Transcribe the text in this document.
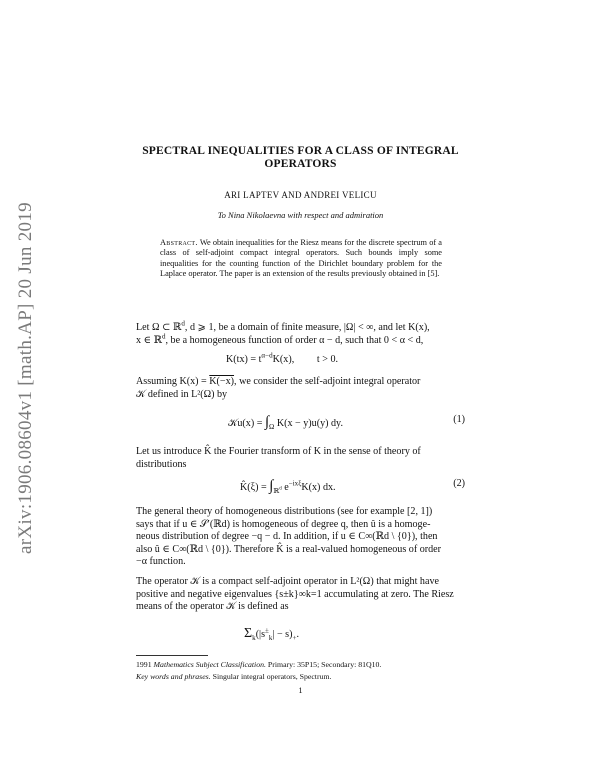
arXiv:1906.08604v1 [math.AP] 20 Jun 2019
SPECTRAL INEQUALITIES FOR A CLASS OF INTEGRAL
OPERATORS
ARI LAPTEV AND ANDREI VELICU
To Nina Nikolaevna with respect and admiration
Abstract. We obtain inequalities for the Riesz means for the discrete spectrum of a class of self-adjoint compact integral operators. Such bounds imply some inequalities for the counting function of the Dirichlet boundary problem for the Laplace operator. The paper is an extension of the results previously obtained in [5].
Let Ω ⊂ ℝ$^d$, d ⩾ 1, be a domain of finite measure, |Ω| < ∞, and let K(x),
x ∈ ℝ$^d$, be a homogeneous function of order α − d, such that 0 < α < d,
$K(tx) = t^{\alpha-d}K(x)$,         t > 0.
Assuming K(x) = K(−x), we consider the self-adjoint integral operator
𝒦 defined in L²(Ω) by
𝒦u(x) = $\int_\Omega$ K(x − y)u(y) dy.	(1)
Let us introduce K̂ the Fourier transform of K in the sense of theory of
distributions
K̂(ξ) = $\int_{ℝ^d}$ $e^{-ix\xi}K(x)$ dx.	(2)
The general theory of homogeneous distributions (see for example [2, 1])
says that if u ∈ 𝒮′(ℝd) is homogeneous of degree q, then û is a homoge-
neous distribution of degree −q − d. In addition, if u ∈ C∞(ℝd \ {0}), then
also û ∈ C∞(ℝd \ {0}). Therefore K̂ is a real-valued homogeneous of order
−α function.
The operator 𝒦 is a compact self-adjoint operator in L²(Ω) that might have
positive and negative eigenvalues {s±k}∞k=1 accumulating at zero. The Riesz
means of the operator 𝒦 is defined as
$\Sigma_k(|s^\pm_k| - s)_+$.
1991 Mathematics Subject Classification. Primary: 35P15; Secondary: 81Q10.
Key words and phrases. Singular integral operators, Spectrum.
1
